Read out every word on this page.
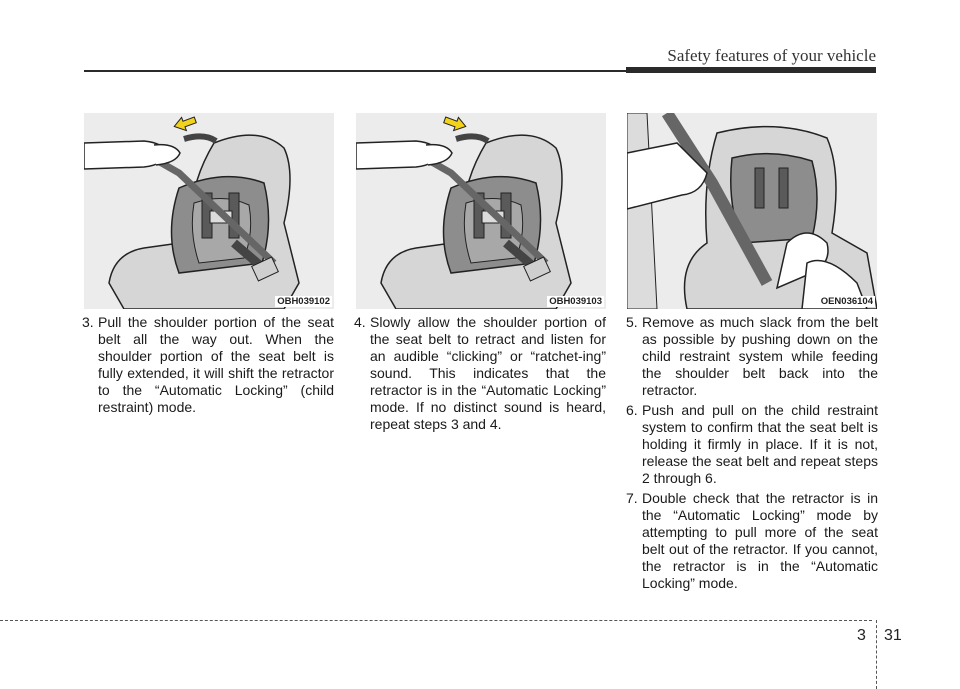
Safety features of your vehicle
OBH039102	OBH039103	OEN036104
3. Pull the shoulder portion of the seat belt all the way out. When the shoulder portion of the seat belt is fully extended, it will shift the retractor to the “Automatic Locking” (child restraint) mode.
4. Slowly allow the shoulder portion of the seat belt to retract and listen for an audible “clicking” or “ratchet-ing” sound. This indicates that the retractor is in the “Automatic Locking” mode. If no distinct sound is heard, repeat steps 3 and 4.
5. Remove as much slack from the belt as possible by pushing down on the child restraint system while feeding the shoulder belt back into the retractor.
6. Push and pull on the child restraint system to confirm that the seat belt is holding it firmly in place. If it is not, release the seat belt and repeat steps 2 through 6.
7. Double check that the retractor is in the “Automatic Locking” mode by attempting to pull more of the seat belt out of the retractor. If you cannot, the retractor is in the “Automatic Locking” mode.
3 31
